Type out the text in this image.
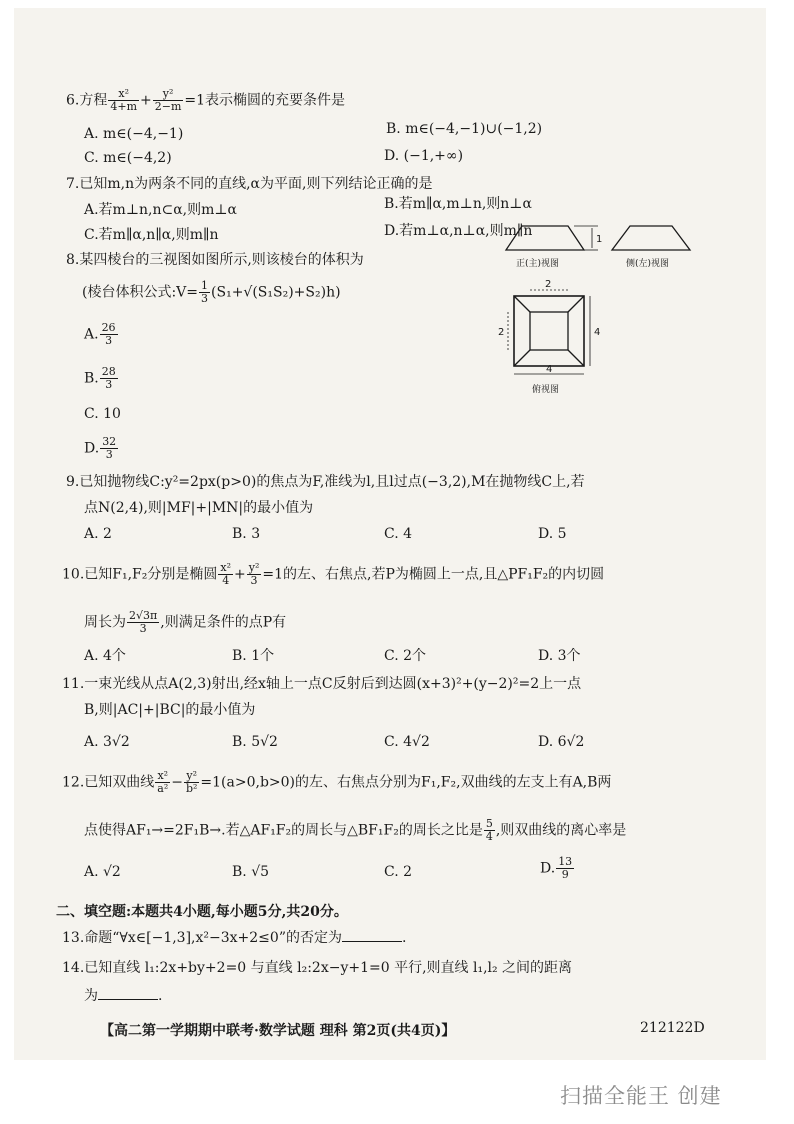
6.方程 $\frac{\text{x²}}{4+m} + \frac{\text{y²}}{2-m} =1$表示椭圆的充要条件是
A. m∈(−4,−1)	B. m∈(−4,−1)∪(−1,2)
C. m∈(−4,2)	D. (−1,+∞)
7.已知m,n为两条不同的直线,α为平面,则下列结论正确的是
A.若m⊥n,n⊂α,则m⊥α	B.若m∥α,m⊥n,则n⊥α
C.若m∥α,n∥α,则m∥n	D.若m⊥α,n⊥α,则m∥n
8.某四棱台的三视图如图所示,则该棱台的体积为
(棱台体积公式:V= $\frac{1}{3} (S_1+√(S_1S_2)+S_2)h$)
A. $\frac{26}{3}$
B. $\frac{28}{3}$
C. 10
D. $\frac{32}{3}$
1
正(主)视图	侧(左)视图
2
2	4
4
俯视图
9.已知抛物线C:y²=2px(p>0)的焦点为F,准线为l,且l过点(−3,2),M在抛物线C上,若
点N(2,4),则|MF|+|MN|的最小值为
A. 2	B. 3	C. 4	D. 5
10.已知F₁,F₂分别是椭圆 $\frac{\text{x²}}{4} + \frac{\text{y²}}{3} =1$的左、右焦点,若P为椭圆上一点,且△PF₁F₂的内切圆
周长为 $\frac{2√3\pi}{3}$ ,则满足条件的点P有
A. 4个	B. 1个	C. 2个	D. 3个
11.一束光线从点A(2,3)射出,经x轴上一点C反射后到达圆(x+3)²+(y−2)²=2上一点
B,则|AC|+|BC|的最小值为
A. 3√2	B. 5√2	C. 4√2	D. 6√2
12.已知双曲线 $\frac{\text{x²}}{\text{a²}} - \frac{\text{y²}}{\text{b²}} =1(a>0,b>0)$的左、右焦点分别为F₁,F₂,双曲线的左支上有A,B两
点使得AF₁→=2F₁B→.若△AF₁F₂的周长与△BF₁F₂的周长之比是 $\frac{5}{4}$ ,则双曲线的离心率是
A. √2	B. √5	C. 2	D. $\frac{13}{9}$
二、填空题:本题共4小题,每小题5分,共20分。
13.命题“∀x∈[−1,3],x²−3x+2≤0”的否定为	.
14.已知直线 l₁:2x+by+2=0 与直线 l₂:2x−y+1=0 平行,则直线 l₁,l₂ 之间的距离
为	.
【高二第一学期期中联考·数学试题 理科 第2页(共4页)】	212122D
扫描全能王 创建
